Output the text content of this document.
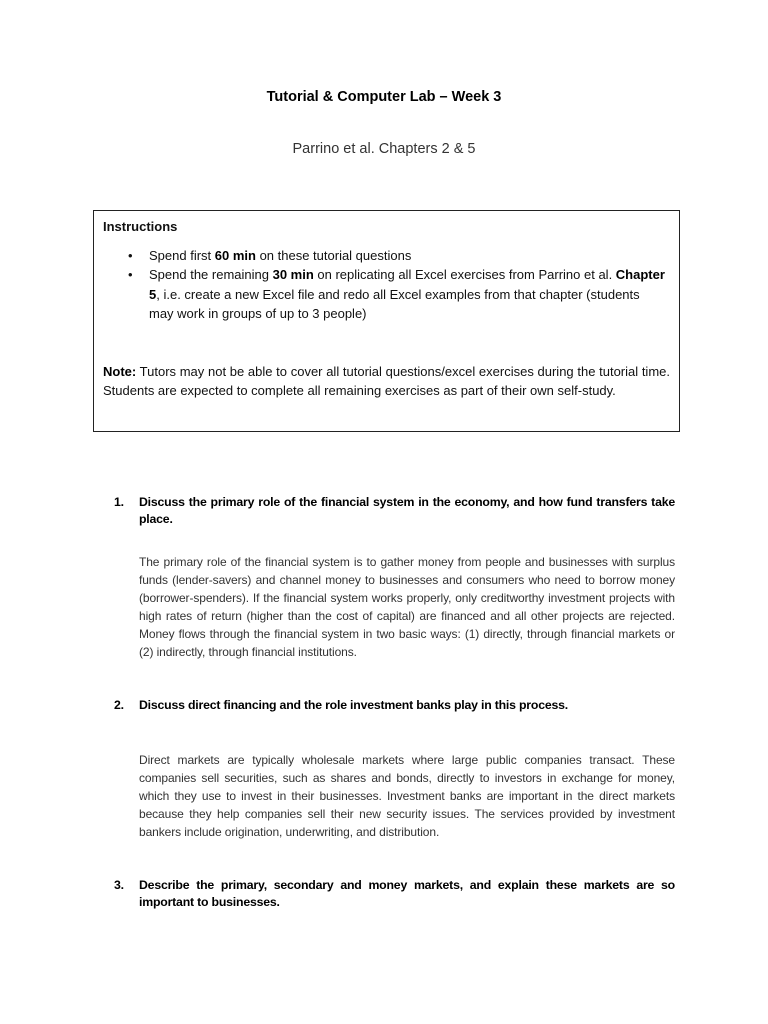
Tutorial & Computer Lab – Week 3
Parrino et al. Chapters 2 & 5
Instructions
• Spend first 60 min on these tutorial questions
• Spend the remaining 30 min on replicating all Excel exercises from Parrino et al. Chapter 5, i.e. create a new Excel file and redo all Excel examples from that chapter (students may work in groups of up to 3 people)
Note: Tutors may not be able to cover all tutorial questions/excel exercises during the tutorial time. Students are expected to complete all remaining exercises as part of their own self-study.
1. Discuss the primary role of the financial system in the economy, and how fund transfers take place.
The primary role of the financial system is to gather money from people and businesses with surplus funds (lender-savers) and channel money to businesses and consumers who need to borrow money (borrower-spenders). If the financial system works properly, only creditworthy investment projects with high rates of return (higher than the cost of capital) are financed and all other projects are rejected. Money flows through the financial system in two basic ways: (1) directly, through financial markets or (2) indirectly, through financial institutions.
2. Discuss direct financing and the role investment banks play in this process.
Direct markets are typically wholesale markets where large public companies transact. These companies sell securities, such as shares and bonds, directly to investors in exchange for money, which they use to invest in their businesses. Investment banks are important in the direct markets because they help companies sell their new security issues. The services provided by investment bankers include origination, underwriting, and distribution.
3. Describe the primary, secondary and money markets, and explain these markets are so important to businesses.
